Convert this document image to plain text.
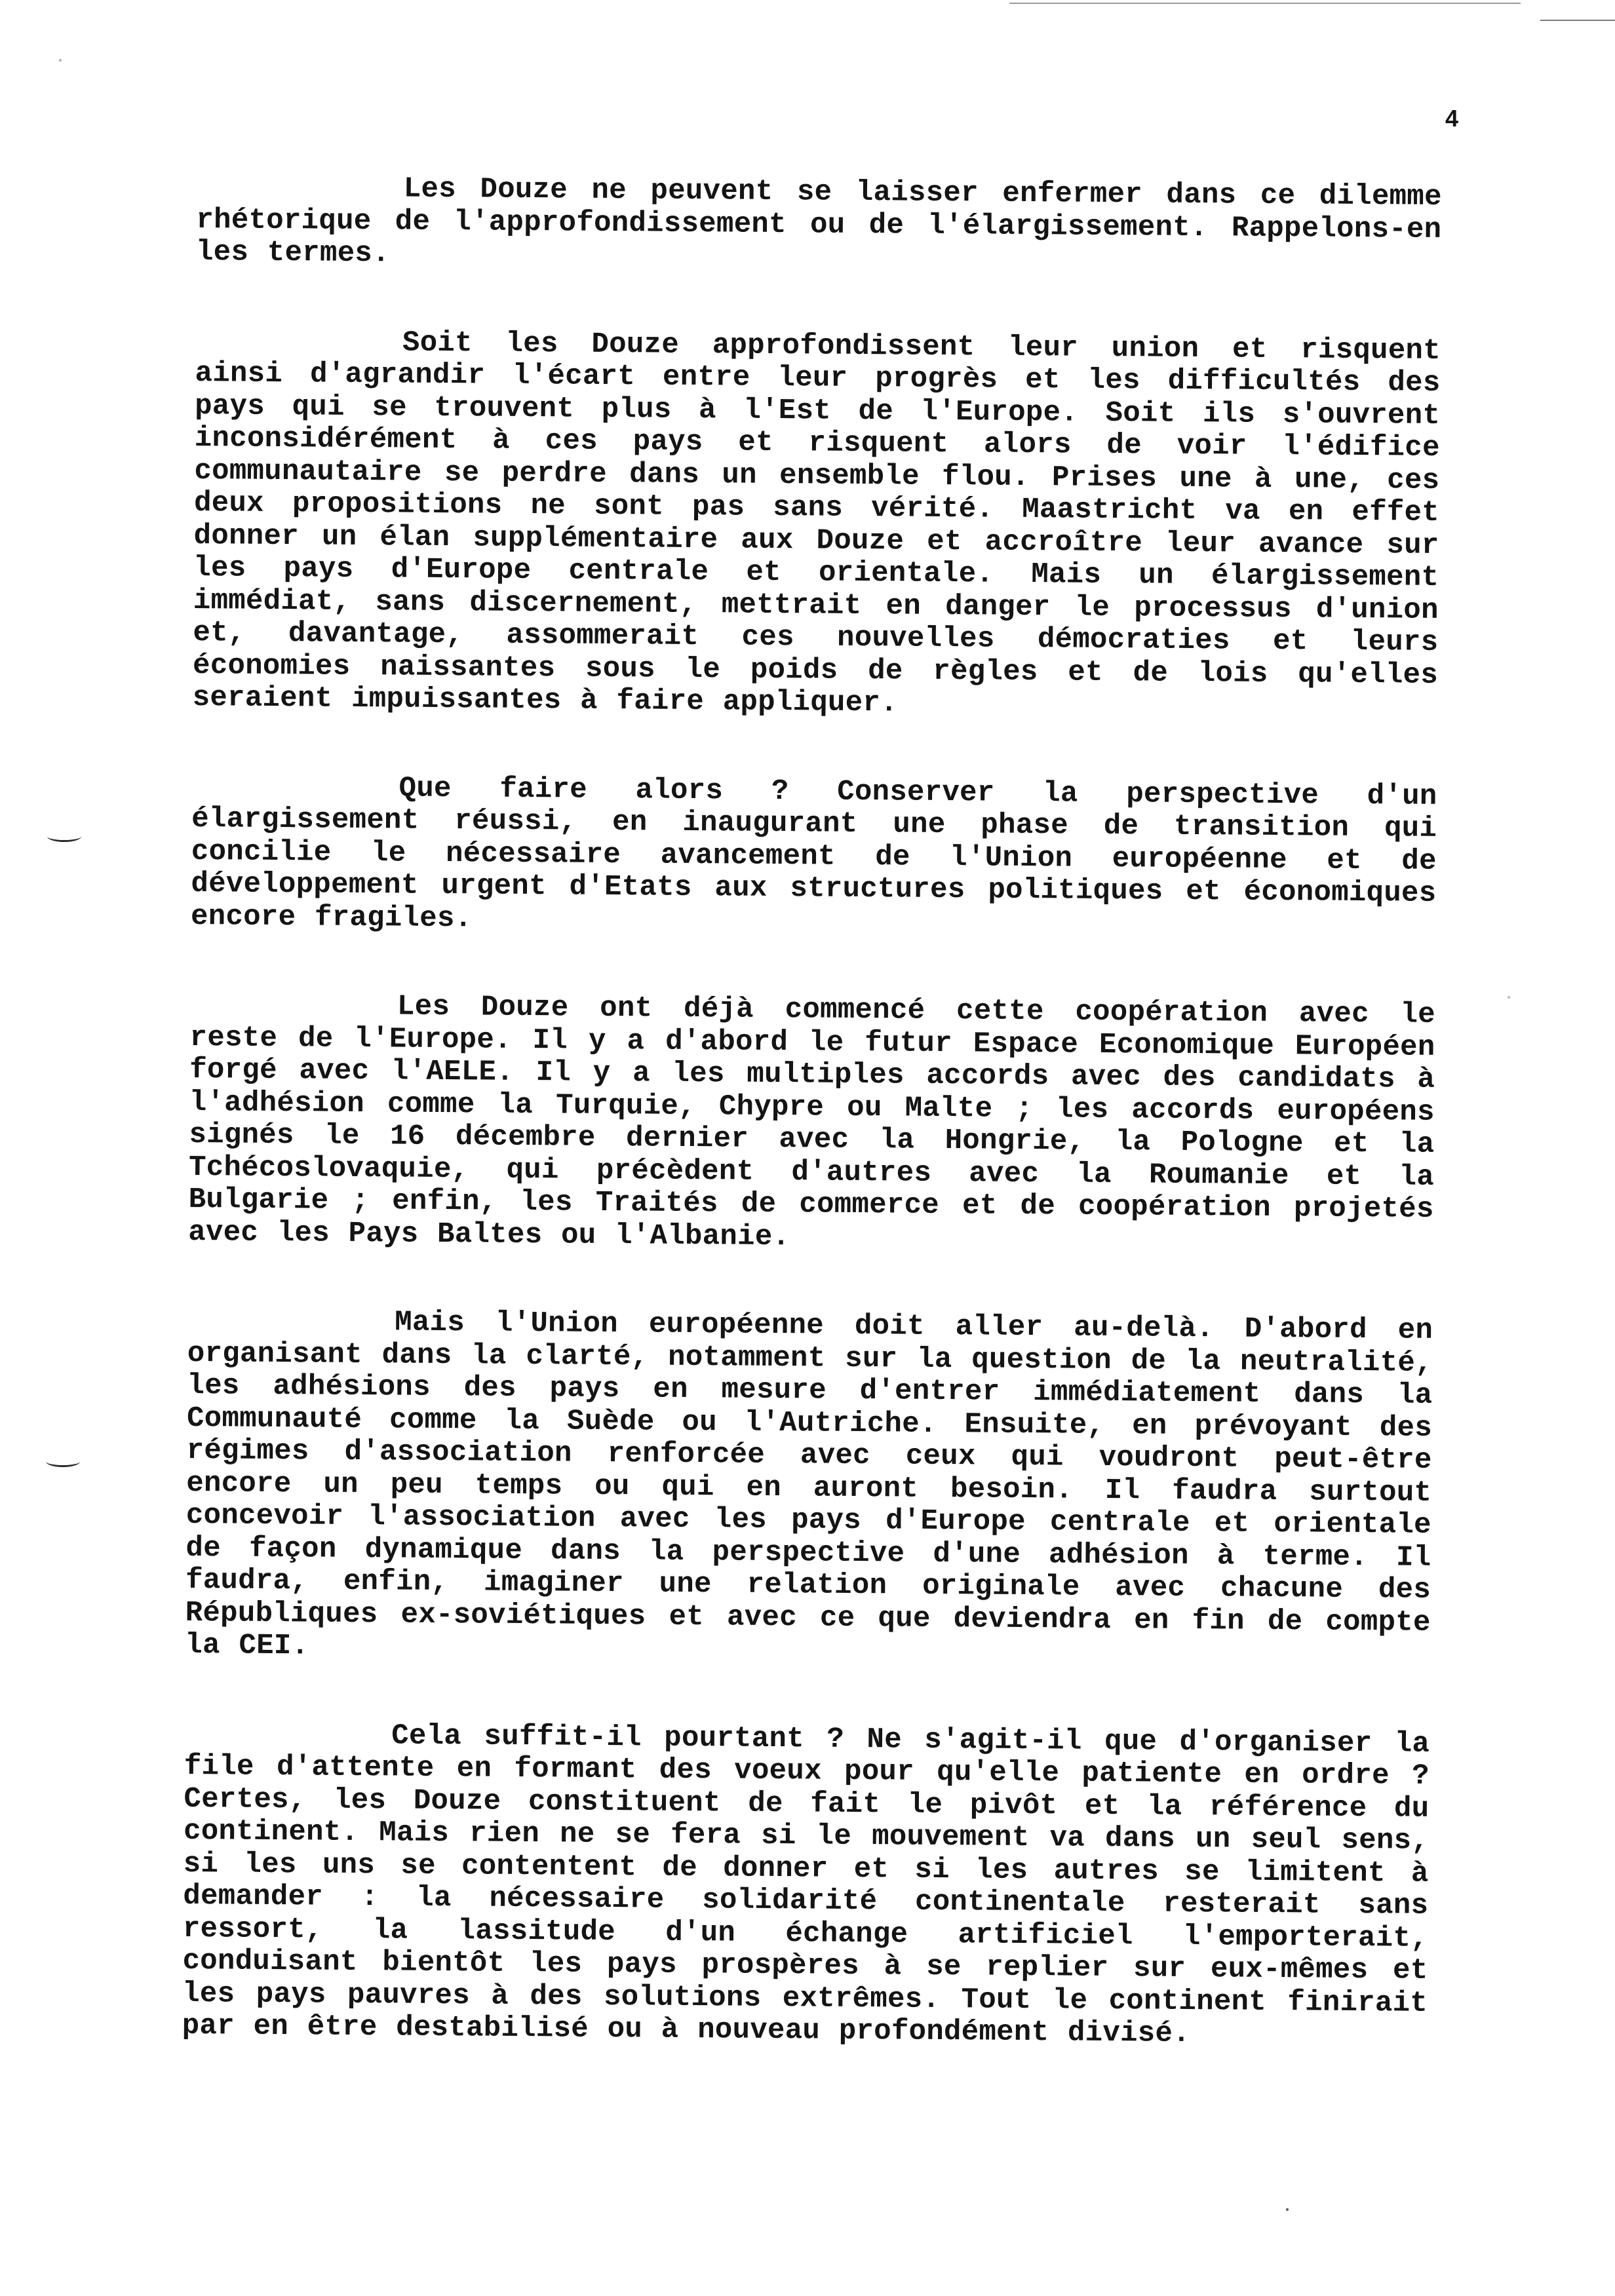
4

Les Douze ne peuvent se laisser enfermer dans ce dilemme rhétorique de l'approfondissement ou de l'élargissement. Rappelons-en les termes.

Soit les Douze approfondissent leur union et risquent ainsi d'agrandir l'écart entre leur progrès et les difficultés des pays qui se trouvent plus à l'Est de l'Europe. Soit ils s'ouvrent inconsidérément à ces pays et risquent alors de voir l'édifice communautaire se perdre dans un ensemble flou. Prises une à une, ces deux propositions ne sont pas sans vérité. Maastricht va en effet donner un élan supplémentaire aux Douze et accroître leur avance sur les pays d'Europe centrale et orientale. Mais un élargissement immédiat, sans discernement, mettrait en danger le processus d'union et, davantage, assommerait ces nouvelles démocraties et leurs économies naissantes sous le poids de règles et de lois qu'elles seraient impuissantes à faire appliquer.

Que faire alors ? Conserver la perspective d'un élargissement réussi, en inaugurant une phase de transition qui concilie le nécessaire avancement de l'Union européenne et de développement urgent d'Etats aux structures politiques et économiques encore fragiles.

Les Douze ont déjà commencé cette coopération avec le reste de l'Europe. Il y a d'abord le futur Espace Economique Européen forgé avec l'AELE. Il y a les multiples accords avec des candidats à l'adhésion comme la Turquie, Chypre ou Malte ; les accords européens signés le 16 décembre dernier avec la Hongrie, la Pologne et la Tchécoslovaquie, qui précèdent d'autres avec la Roumanie et la Bulgarie ; enfin, les Traités de commerce et de coopération projetés avec les Pays Baltes ou l'Albanie.

Mais l'Union européenne doit aller au-delà. D'abord en organisant dans la clarté, notamment sur la question de la neutralité, les adhésions des pays en mesure d'entrer immédiatement dans la Communauté comme la Suède ou l'Autriche. Ensuite, en prévoyant des régimes d'association renforcée avec ceux qui voudront peut-être encore un peu temps ou qui en auront besoin. Il faudra surtout concevoir l'association avec les pays d'Europe centrale et orientale de façon dynamique dans la perspective d'une adhésion à terme. Il faudra, enfin, imaginer une relation originale avec chacune des Républiques ex-soviétiques et avec ce que deviendra en fin de compte la CEI.

Cela suffit-il pourtant ? Ne s'agit-il que d'organiser la file d'attente en formant des voeux pour qu'elle patiente en ordre ? Certes, les Douze constituent de fait le pivôt et la référence du continent. Mais rien ne se fera si le mouvement va dans un seul sens, si les uns se contentent de donner et si les autres se limitent à demander : la nécessaire solidarité continentale resterait sans ressort, la lassitude d'un échange artificiel l'emporterait, conduisant bientôt les pays prospères à se replier sur eux-mêmes et les pays pauvres à des solutions extrêmes. Tout le continent finirait par en être destabilisé ou à nouveau profondément divisé.
